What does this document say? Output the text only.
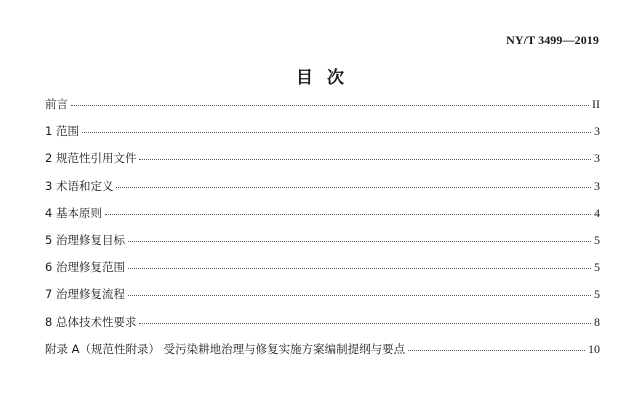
NY/T 3499—2019
目 次
前言	II
1 范围	3
2 规范性引用文件	3
3 术语和定义	3
4 基本原则	4
5 治理修复目标	5
6 治理修复范围	5
7 治理修复流程	5
8 总体技术性要求	8
附录 A（规范性附录） 受污染耕地治理与修复实施方案编制提纲与要点	10
